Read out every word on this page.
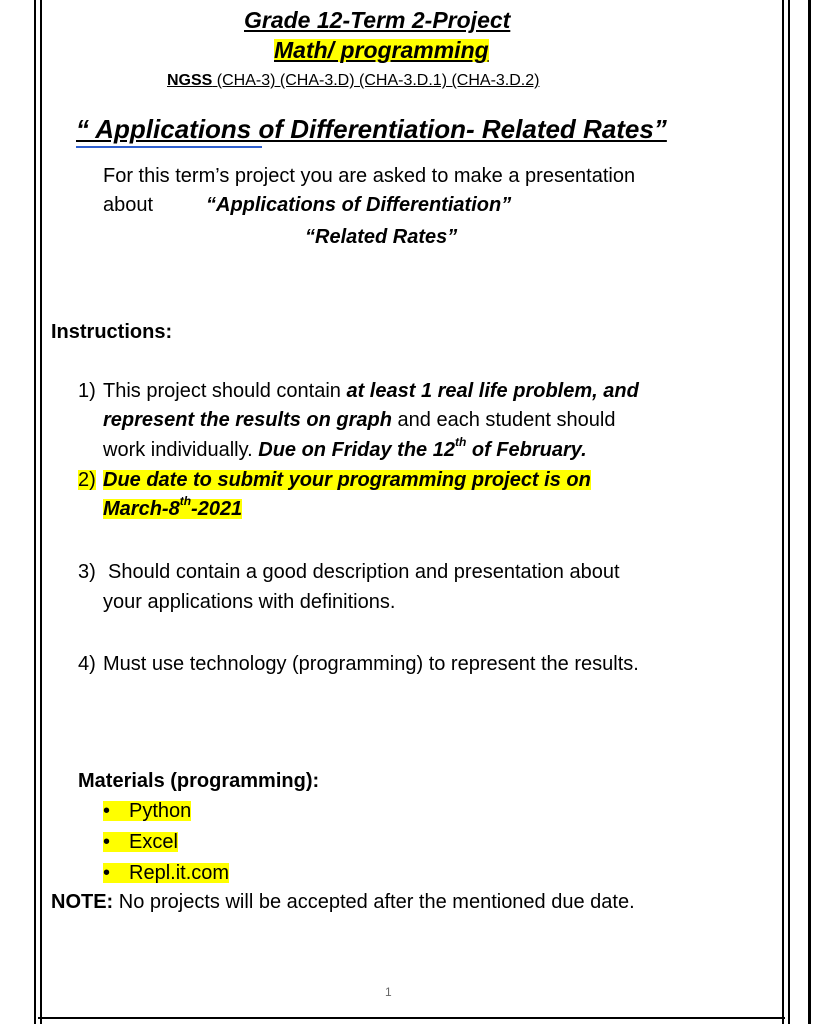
Grade 12-Term 2-Project
Math/ programming
NGSS (CHA-3) (CHA-3.D) (CHA-3.D.1) (CHA-3.D.2)
“ Applications of Differentiation- Related Rates”
For this term’s project you are asked to make a presentation
about	“Applications of Differentiation”
“Related Rates”
Instructions:
1) This project should contain at least 1 real life problem, and
represent the results on graph and each student should
work individually. Due on Friday the 12th of February.
2) Due date to submit your programming project is on
March-8th-2021
3) Should contain a good description and presentation about
your applications with definitions.
4) Must use technology (programming) to represent the results.
Materials (programming):
• Python
• Excel
• Repl.it.com
NOTE: No projects will be accepted after the mentioned due date.
1
